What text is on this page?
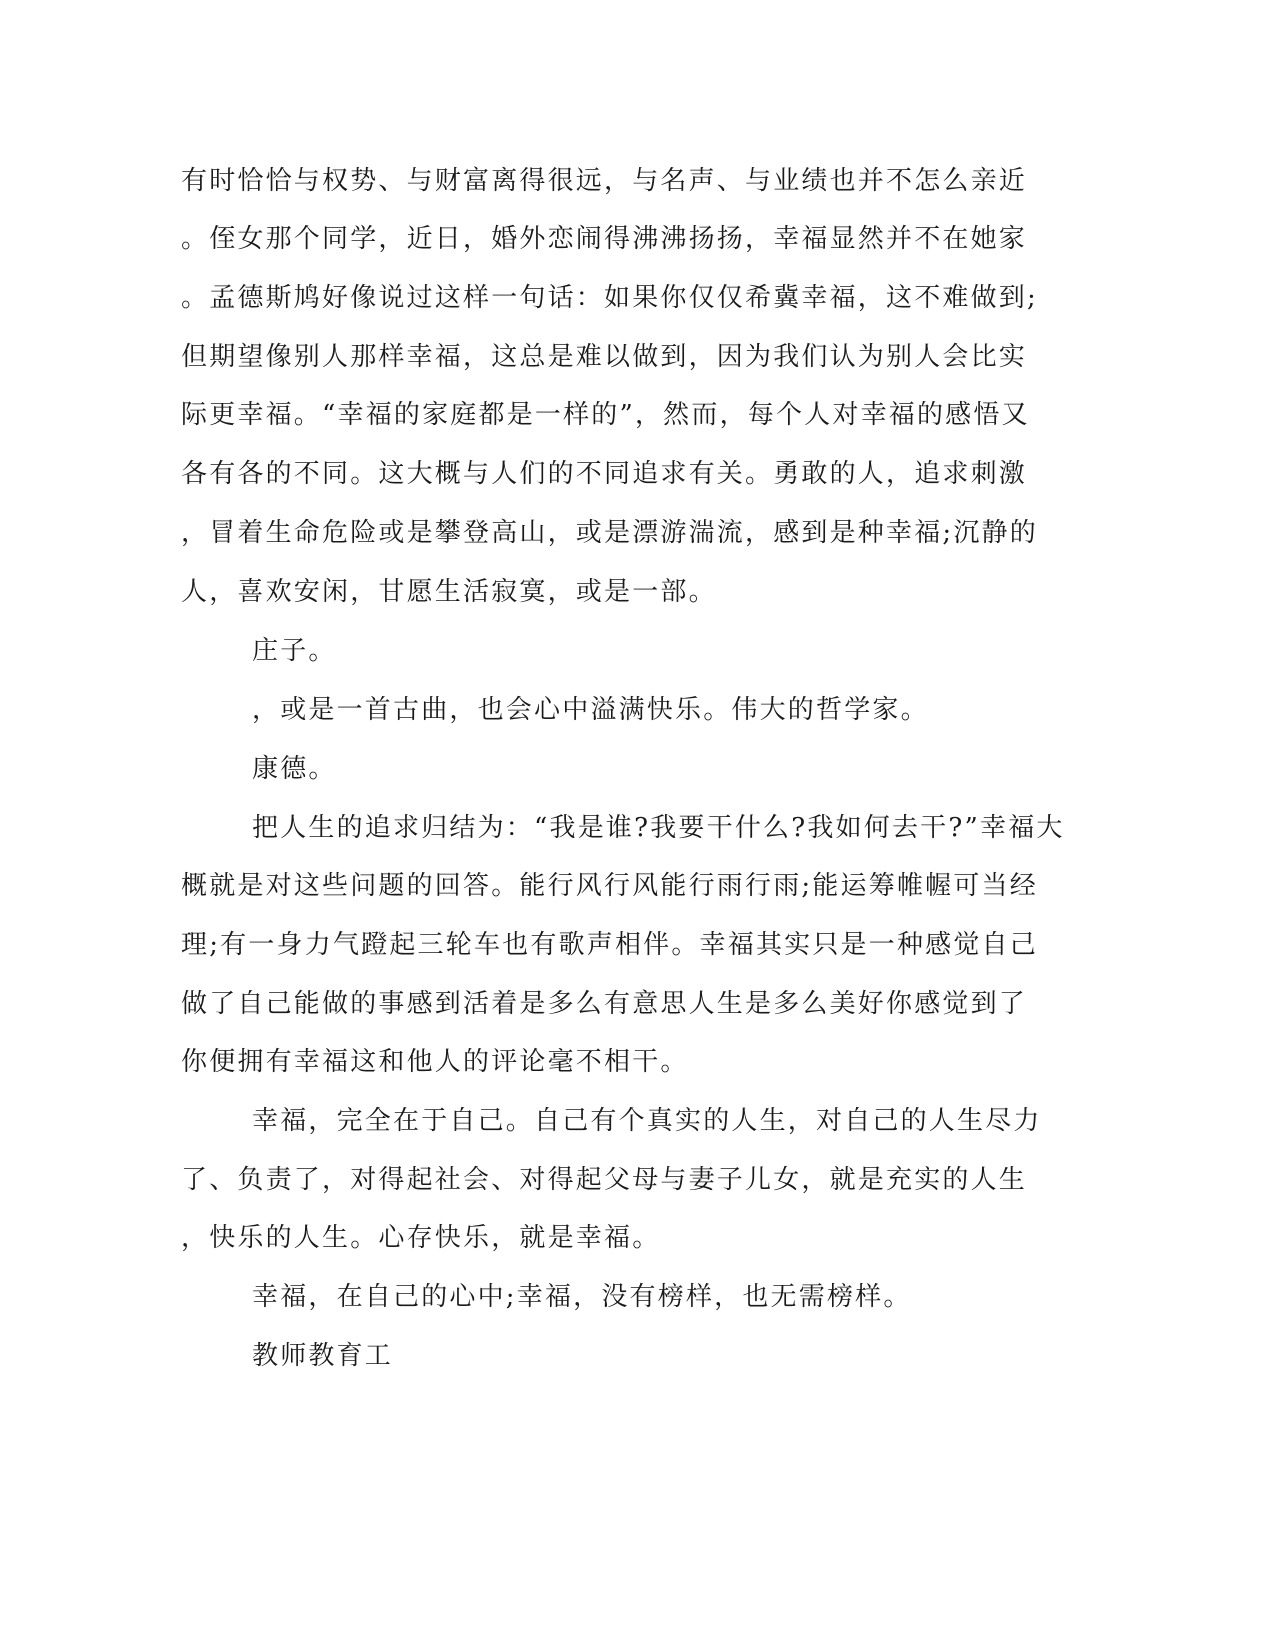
有时恰恰与权势、与财富离得很远，与名声、与业绩也并不怎么亲近
。侄女那个同学，近日，婚外恋闹得沸沸扬扬，幸福显然并不在她家
。孟德斯鸠好像说过这样一句话：如果你仅仅希冀幸福，这不难做到;
但期望像别人那样幸福，这总是难以做到，因为我们认为别人会比实
际更幸福。“幸福的家庭都是一样的”，然而，每个人对幸福的感悟又
各有各的不同。这大概与人们的不同追求有关。勇敢的人，追求刺激
，冒着生命危险或是攀登高山，或是漂游湍流，感到是种幸福;沉静的
人，喜欢安闲，甘愿生活寂寞，或是一部。
庄子。
，或是一首古曲，也会心中溢满快乐。伟大的哲学家。
康德。
把人生的追求归结为：“我是谁?我要干什么?我如何去干?”幸福大
概就是对这些问题的回答。能行风行风能行雨行雨;能运筹帷幄可当经
理;有一身力气蹬起三轮车也有歌声相伴。幸福其实只是一种感觉自己
做了自己能做的事感到活着是多么有意思人生是多么美好你感觉到了
你便拥有幸福这和他人的评论毫不相干。
幸福，完全在于自己。自己有个真实的人生，对自己的人生尽力
了、负责了，对得起社会、对得起父母与妻子儿女，就是充实的人生
，快乐的人生。心存快乐，就是幸福。
幸福，在自己的心中;幸福，没有榜样，也无需榜样。
教师教育工
